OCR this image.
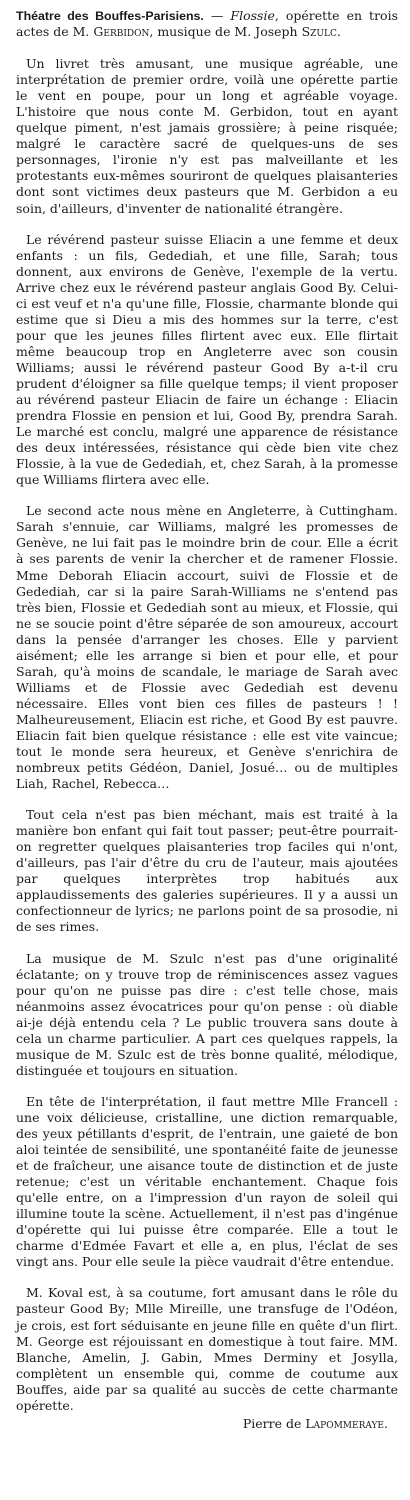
Théatre des Bouffes-Parisiens. — Flossie, opérette en trois actes de M. Gerbidon, musique de M. Joseph Szulc.

Un livret très amusant, une musique agréable, une interprétation de premier ordre, voilà une opérette partie le vent en poupe, pour un long et agréable voyage. L'histoire que nous conte M. Gerbidon, tout en ayant quelque piment, n'est jamais grossière; à peine risquée; malgré le caractère sacré de quelques-uns de ses personnages, l'ironie n'y est pas malveillante et les protestants eux-mêmes souriront de quelques plaisanteries dont sont victimes deux pasteurs que M. Gerbidon a eu soin, d'ailleurs, d'inventer de nationalité étrangère.

Le révérend pasteur suisse Eliacin a une femme et deux enfants : un fils, Gedediah, et une fille, Sarah; tous donnent, aux environs de Genève, l'exemple de la vertu. Arrive chez eux le révérend pasteur anglais Good By. Celui-ci est veuf et n'a qu'une fille, Flossie, charmante blonde qui estime que si Dieu a mis des hommes sur la terre, c'est pour que les jeunes filles flirtent avec eux. Elle flirtait même beaucoup trop en Angleterre avec son cousin Williams; aussi le révérend pasteur Good By a-t-il cru prudent d'éloigner sa fille quelque temps; il vient proposer au révérend pasteur Eliacin de faire un échange : Eliacin prendra Flossie en pension et lui, Good By, prendra Sarah. Le marché est conclu, malgré une apparence de résistance des deux intéressées, résistance qui cède bien vite chez Flossie, à la vue de Gedediah, et, chez Sarah, à la promesse que Williams flirtera avec elle.

Le second acte nous mène en Angleterre, à Cuttingham. Sarah s'ennuie, car Williams, malgré les promesses de Genève, ne lui fait pas le moindre brin de cour. Elle a écrit à ses parents de venir la chercher et de ramener Flossie. Mme Deborah Eliacin accourt, suivi de Flossie et de Gedediah, car si la paire Sarah-Williams ne s'entend pas très bien, Flossie et Gedediah sont au mieux, et Flossie, qui ne se soucie point d'être séparée de son amoureux, accourt dans la pensée d'arranger les choses. Elle y parvient aisément; elle les arrange si bien et pour elle, et pour Sarah, qu'à moins de scandale, le mariage de Sarah avec Williams et de Flossie avec Gedediah est devenu nécessaire. Elles vont bien ces filles de pasteurs ! ! Malheureusement, Eliacin est riche, et Good By est pauvre. Eliacin fait bien quelque résistance : elle est vite vaincue; tout le monde sera heureux, et Genève s'enrichira de nombreux petits Gédéon, Daniel, Josué… ou de multiples Liah, Rachel, Rebecca…

Tout cela n'est pas bien méchant, mais est traité à la manière bon enfant qui fait tout passer; peut-être pourrait-on regretter quelques plaisanteries trop faciles qui n'ont, d'ailleurs, pas l'air d'être du cru de l'auteur, mais ajoutées par quelques interprètes trop habitués aux applaudissements des galeries supérieures. Il y a aussi un confectionneur de lyrics; ne parlons point de sa prosodie, ni de ses rimes.

La musique de M. Szulc n'est pas d'une originalité éclatante; on y trouve trop de réminiscences assez vagues pour qu'on ne puisse pas dire : c'est telle chose, mais néanmoins assez évocatrices pour qu'on pense : où diable ai-je déjà entendu cela ? Le public trouvera sans doute à cela un charme particulier. A part ces quelques rappels, la musique de M. Szulc est de très bonne qualité, mélodique, distinguée et toujours en situation.

En tête de l'interprétation, il faut mettre Mlle Francell : une voix délicieuse, cristalline, une diction remarquable, des yeux pétillants d'esprit, de l'entrain, une gaieté de bon aloi teintée de sensibilité, une spontanéité faite de jeunesse et de fraîcheur, une aisance toute de distinction et de juste retenue; c'est un véritable enchantement. Chaque fois qu'elle entre, on a l'impression d'un rayon de soleil qui illumine toute la scène. Actuellement, il n'est pas d'ingénue d'opérette qui lui puisse être comparée. Elle a tout le charme d'Edmée Favart et elle a, en plus, l'éclat de ses vingt ans. Pour elle seule la pièce vaudrait d'être entendue.

M. Koval est, à sa coutume, fort amusant dans le rôle du pasteur Good By; Mlle Mireille, une transfuge de l'Odéon, je crois, est fort séduisante en jeune fille en quête d'un flirt. M. George est réjouissant en domestique à tout faire. MM. Blanche, Amelin, J. Gabin, Mmes Derminy et Josylla, complètent un ensemble qui, comme de coutume aux Bouffes, aide par sa qualité au succès de cette charmante opérette.

Pierre de Lapommeraye.
